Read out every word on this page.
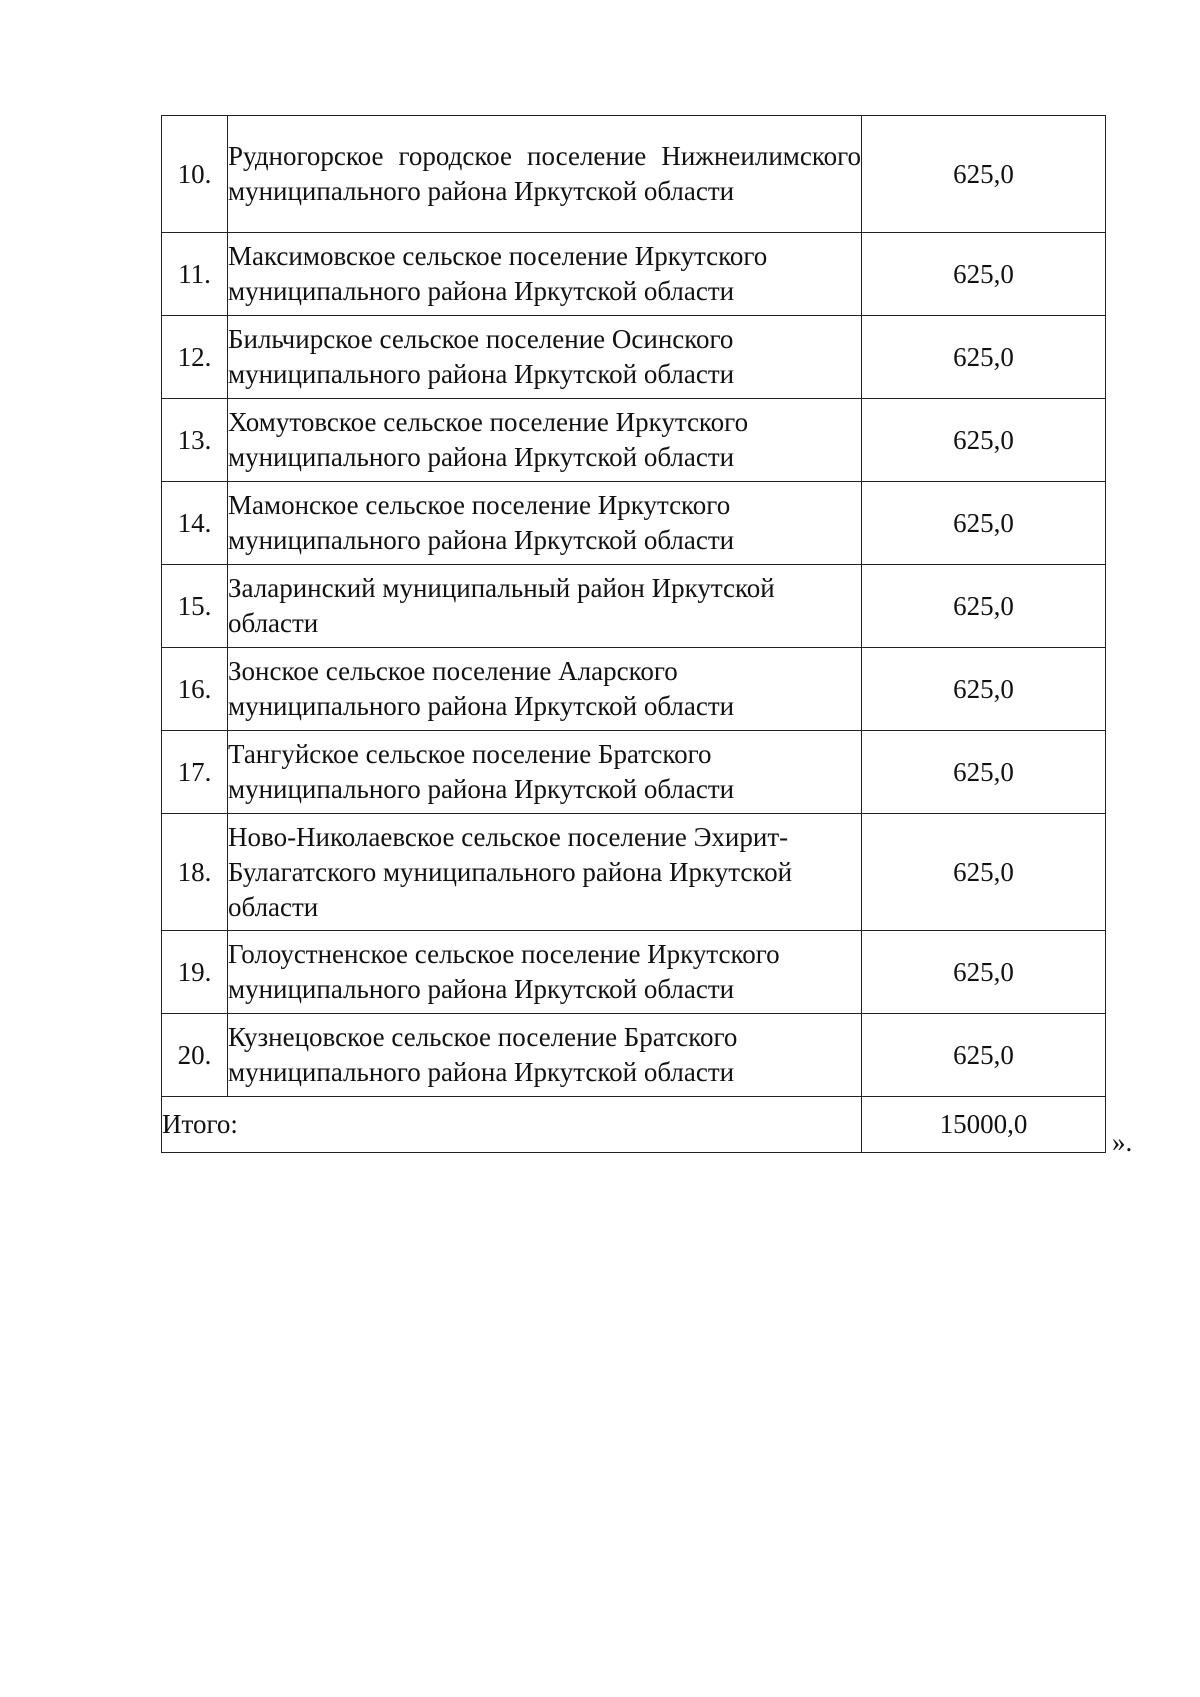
10.	Рудногорское городское поселение Нижнеилимского муниципального района Иркутской области	625,0
11.	Максимовское сельское поселение Иркутского муниципального района Иркутской области	625,0
12.	Бильчирское сельское поселение Осинского муниципального района Иркутской области	625,0
13.	Хомутовское сельское поселение Иркутского муниципального района Иркутской области	625,0
14.	Мамонское сельское поселение Иркутского муниципального района Иркутской области	625,0
15.	Заларинский муниципальный район Иркутской области	625,0
16.	Зонское сельское поселение Аларского муниципального района Иркутской области	625,0
17.	Тангуйское сельское поселение Братского муниципального района Иркутской области	625,0
18.	Ново-Николаевское сельское поселение Эхирит-Булагатского муниципального района Иркутской области	625,0
19.	Голоустненское сельское поселение Иркутского муниципального района Иркутской области	625,0
20.	Кузнецовское сельское поселение Братского муниципального района Иркутской области	625,0
Итого:		15000,0
».
